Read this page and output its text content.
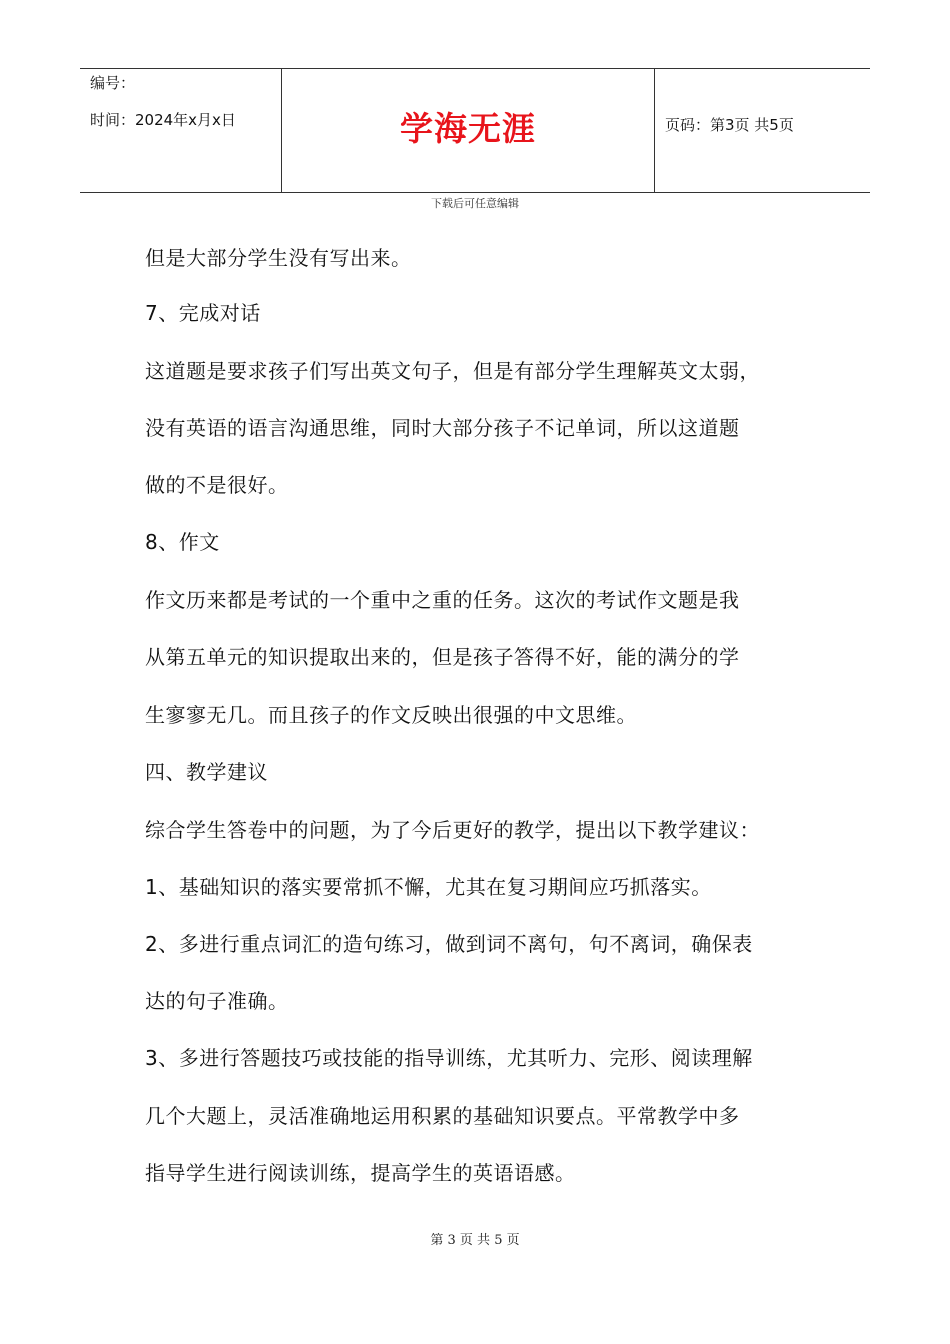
编号：
时间：2024年x月x日	学海无涯	页码：第3页 共5页
下载后可任意编辑
但是大部分学生没有写出来。
7、完成对话
这道题是要求孩子们写出英文句子，但是有部分学生理解英文太弱，
没有英语的语言沟通思维，同时大部分孩子不记单词，所以这道题
做的不是很好。
8、作文
作文历来都是考试的一个重中之重的任务。这次的考试作文题是我
从第五单元的知识提取出来的，但是孩子答得不好，能的满分的学
生寥寥无几。而且孩子的作文反映出很强的中文思维。
四、教学建议
综合学生答卷中的问题，为了今后更好的教学，提出以下教学建议：
1、基础知识的落实要常抓不懈，尤其在复习期间应巧抓落实。
2、多进行重点词汇的造句练习，做到词不离句，句不离词，确保表
达的句子准确。
3、多进行答题技巧或技能的指导训练，尤其听力、完形、阅读理解
几个大题上，灵活准确地运用积累的基础知识要点。平常教学中多
指导学生进行阅读训练，提高学生的英语语感。
第 3 页 共 5 页
